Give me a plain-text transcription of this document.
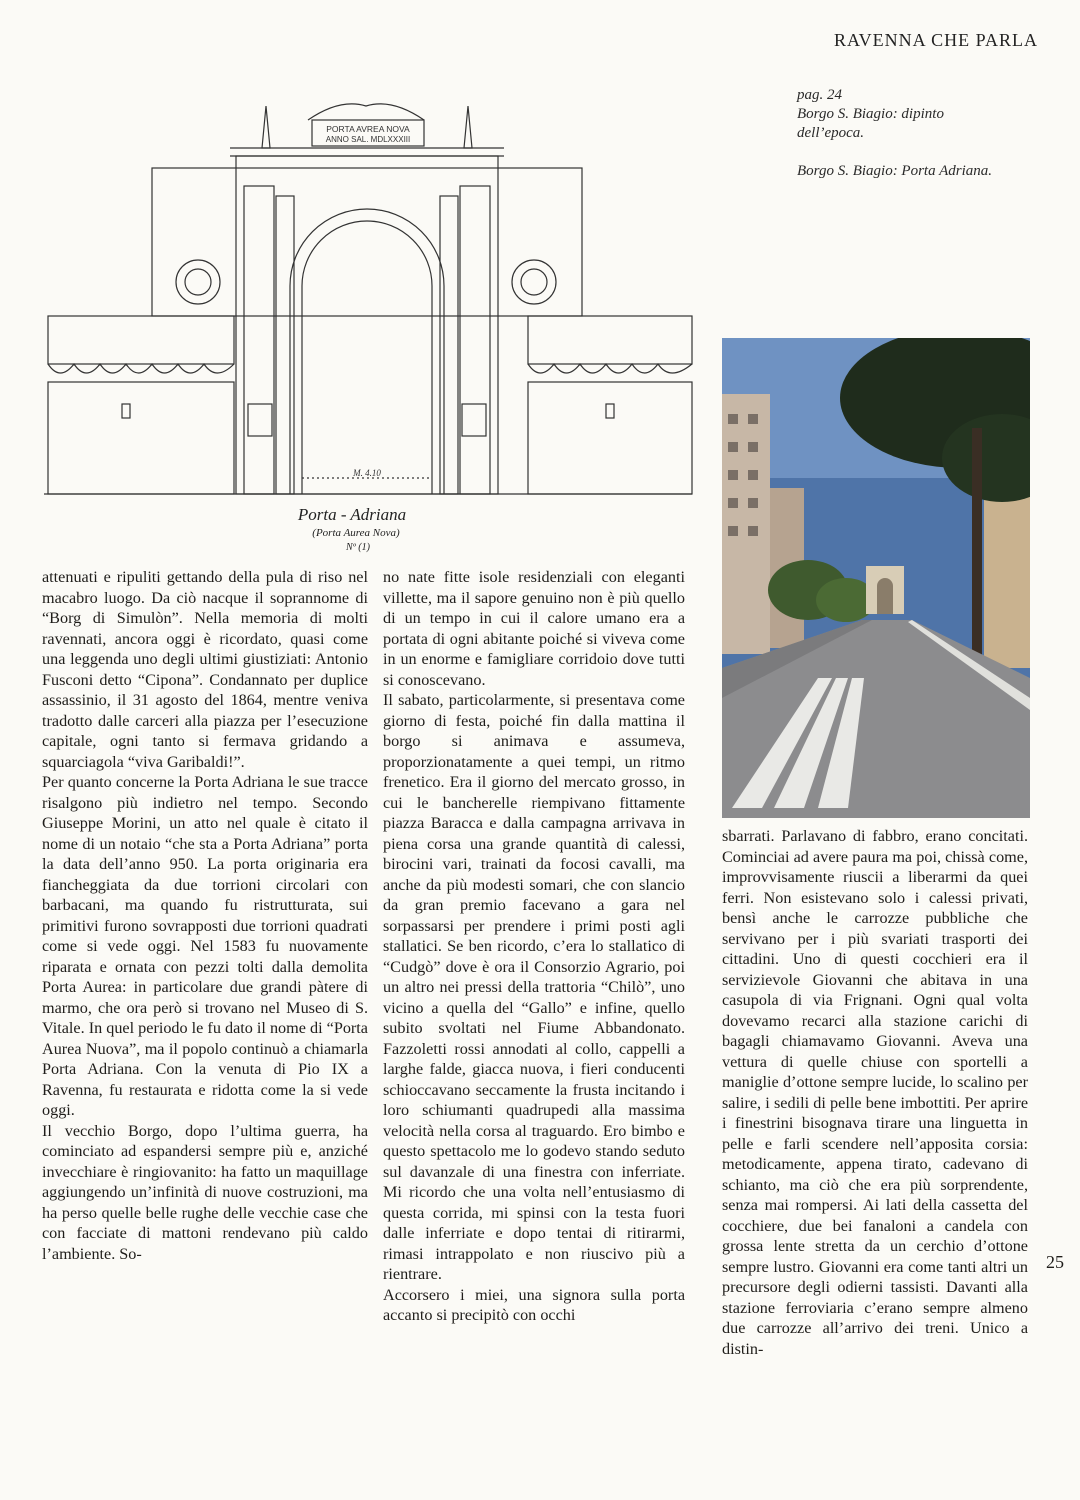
RAVENNA CHE PARLA

pag. 24

Borgo S. Biagio: dipinto

dell’epoca.

Borgo S. Biagio: Porta Adriana.

PORTA AVREA NOVA
ANNO SAL. MDLXXXIII
M. 4.10
Porta - Adriana
(Porta Aurea Nova)
Nº (1)

attenuati e ripuliti gettando della pula di riso nel macabro luogo. Da ciò nacque il soprannome di “Borg di Simulòn”. Nella memoria di molti ravennati, ancora oggi è ricordato, quasi come una leggenda uno degli ultimi giustiziati: Antonio Fusconi detto “Cipona”. Condannato per duplice assassinio, il 31 agosto del 1864, mentre veniva tradotto dalle carceri alla piazza per l’esecuzione capitale, ogni tanto si fermava gridando a squarciagola “viva Garibaldi!”.

Per quanto concerne la Porta Adriana le sue tracce risalgono più indietro nel tempo. Secondo Giuseppe Morini, un atto nel quale è citato il nome di un notaio “che sta a Porta Adriana” porta la data dell’anno 950. La porta originaria era fiancheggiata da due torrioni circolari con barbacani, ma quando fu ristrutturata, sui primitivi furono sovrapposti due torrioni quadrati come si vede oggi. Nel 1583 fu nuovamente riparata e ornata con pezzi tolti dalla demolita Porta Aurea: in particolare due grandi pàtere di marmo, che ora però si trovano nel Museo di S. Vitale. In quel periodo le fu dato il nome di “Porta Aurea Nuova”, ma il popolo continuò a chiamarla Porta Adriana. Con la venuta di Pio IX a Ravenna, fu restaurata e ridotta come la si vede oggi.

Il vecchio Borgo, dopo l’ultima guerra, ha cominciato ad espandersi sempre più e, anziché invecchiare è ringiovanito: ha fatto un maquillage aggiungendo un’infinità di nuove costruzioni, ma ha perso quelle belle rughe delle vecchie case che con facciate di mattoni rendevano più caldo l’ambiente. So-

no nate fitte isole residenziali con eleganti villette, ma il sapore genuino non è più quello di un tempo in cui il calore umano era a portata di ogni abitante poiché si viveva come in un enorme e famigliare corridoio dove tutti si conoscevano.

Il sabato, particolarmente, si presentava come giorno di festa, poiché fin dalla mattina il borgo si animava e assumeva, proporzionatamente a quei tempi, un ritmo frenetico. Era il giorno del mercato grosso, in cui le bancherelle riempivano fittamente piazza Baracca e dalla campagna arrivava in piena corsa una grande quantità di calessi, birocini vari, trainati da focosi cavalli, ma anche da più modesti somari, che con slancio da gran premio facevano a gara nel sorpassarsi per prendere i primi posti agli stallatici. Se ben ricordo, c’era lo stallatico di “Cudgò” dove è ora il Consorzio Agrario, poi un altro nei pressi della trattoria “Chilò”, uno vicino a quella del “Gallo” e infine, quello subito svoltati nel Fiume Abbandonato. Fazzoletti rossi annodati al collo, cappelli a larghe falde, giacca nuova, i fieri conducenti schioccavano seccamente la frusta incitando i loro schiumanti quadrupedi alla massima velocità nella corsa al traguardo. Ero bimbo e questo spettacolo me lo godevo stando seduto sul davanzale di una finestra con inferriate. Mi ricordo che una volta nell’entusiasmo di questa corrida, mi spinsi con la testa fuori dalle inferriate e dopo tentai di ritirarmi, rimasi intrappolato e non riuscivo più a rientrare.

Accorsero i miei, una signora sulla porta accanto si precipitò con occhi

sbarrati. Parlavano di fabbro, erano concitati. Cominciai ad avere paura ma poi, chissà come, improvvisamente riuscii a liberarmi da quei ferri. Non esistevano solo i calessi privati, bensì anche le carrozze pubbliche che servivano per i più svariati trasporti dei cittadini. Uno di questi cocchieri era il servizievole Giovanni che abitava in una casupola di via Frignani. Ogni qual volta dovevamo recarci alla stazione carichi di bagagli chiamavamo Giovanni. Aveva una vettura di quelle chiuse con sportelli a maniglie d’ottone sempre lucide, lo scalino per salire, i sedili di pelle bene imbottiti. Per aprire i finestrini bisognava tirare una linguetta in pelle e farli scendere nell’apposita corsia: metodicamente, appena tirato, cadevano di schianto, ma ciò che era più sorprendente, senza mai rompersi. Ai lati della cassetta del cocchiere, due bei fanaloni a candela con grossa lente stretta da un cerchio d’ottone sempre lustro. Giovanni era come tanti altri un precursore degli odierni tassisti. Davanti alla stazione ferroviaria c’erano sempre almeno due carrozze all’arrivo dei treni. Unico a distin-

25
